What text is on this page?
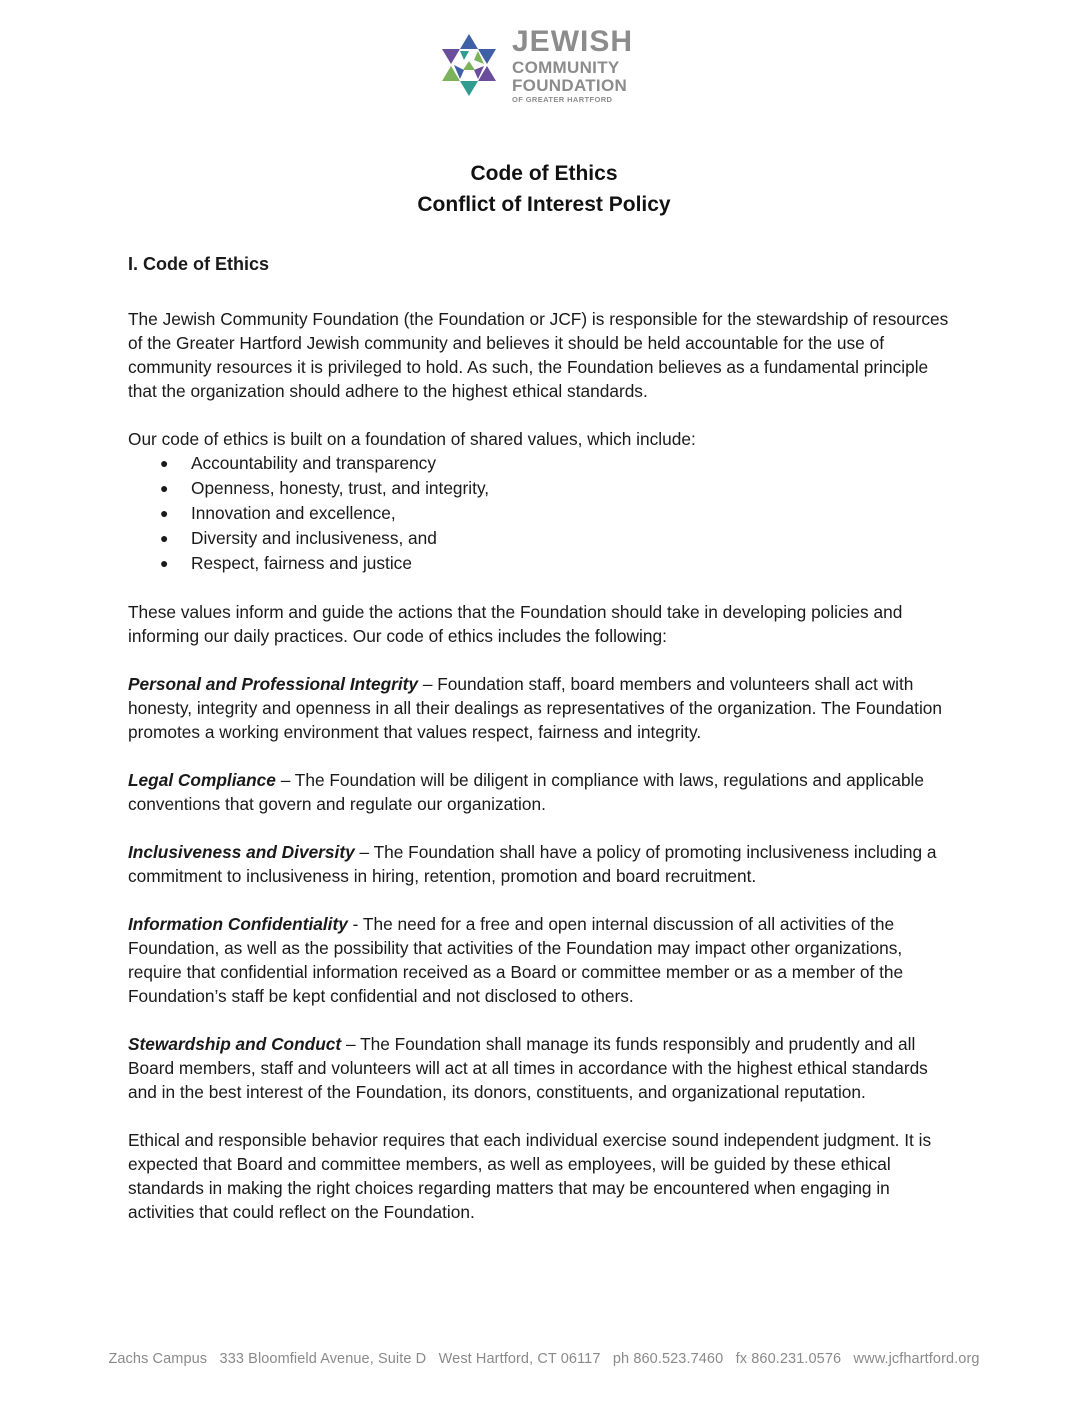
JEWISH
COMMUNITY
FOUNDATION
OF GREATER HARTFORD
Code of Ethics
Conflict of Interest Policy
I. Code of Ethics

The Jewish Community Foundation (the Foundation or JCF) is responsible for the stewardship of resources of the Greater Hartford Jewish community and believes it should be held accountable for the use of community resources it is privileged to hold. As such, the Foundation believes as a fundamental principle that the organization should adhere to the highest ethical standards.

Our code of ethics is built on a foundation of shared values, which include:

● Accountability and transparency
● Openness, honesty, trust, and integrity,
● Innovation and excellence,
● Diversity and inclusiveness, and
● Respect, fairness and justice

These values inform and guide the actions that the Foundation should take in developing policies and informing our daily practices. Our code of ethics includes the following:

Personal and Professional Integrity – Foundation staff, board members and volunteers shall act with honesty, integrity and openness in all their dealings as representatives of the organization. The Foundation promotes a working environment that values respect, fairness and integrity.

Legal Compliance – The Foundation will be diligent in compliance with laws, regulations and applicable conventions that govern and regulate our organization.

Inclusiveness and Diversity – The Foundation shall have a policy of promoting inclusiveness including a commitment to inclusiveness in hiring, retention, promotion and board recruitment.

Information Confidentiality - The need for a free and open internal discussion of all activities of the Foundation, as well as the possibility that activities of the Foundation may impact other organizations, require that confidential information received as a Board or committee member or as a member of the Foundation’s staff be kept confidential and not disclosed to others.

Stewardship and Conduct – The Foundation shall manage its funds responsibly and prudently and all Board members, staff and volunteers will act at all times in accordance with the highest ethical standards and in the best interest of the Foundation, its donors, constituents, and organizational reputation.

Ethical and responsible behavior requires that each individual exercise sound independent judgment. It is expected that Board and committee members, as well as employees, will be guided by these ethical standards in making the right choices regarding matters that may be encountered when engaging in activities that could reflect on the Foundation.

Zachs Campus 333 Bloomfield Avenue, Suite D West Hartford, CT 06117 ph 860.523.7460 fx 860.231.0576 www.jcfhartford.org
